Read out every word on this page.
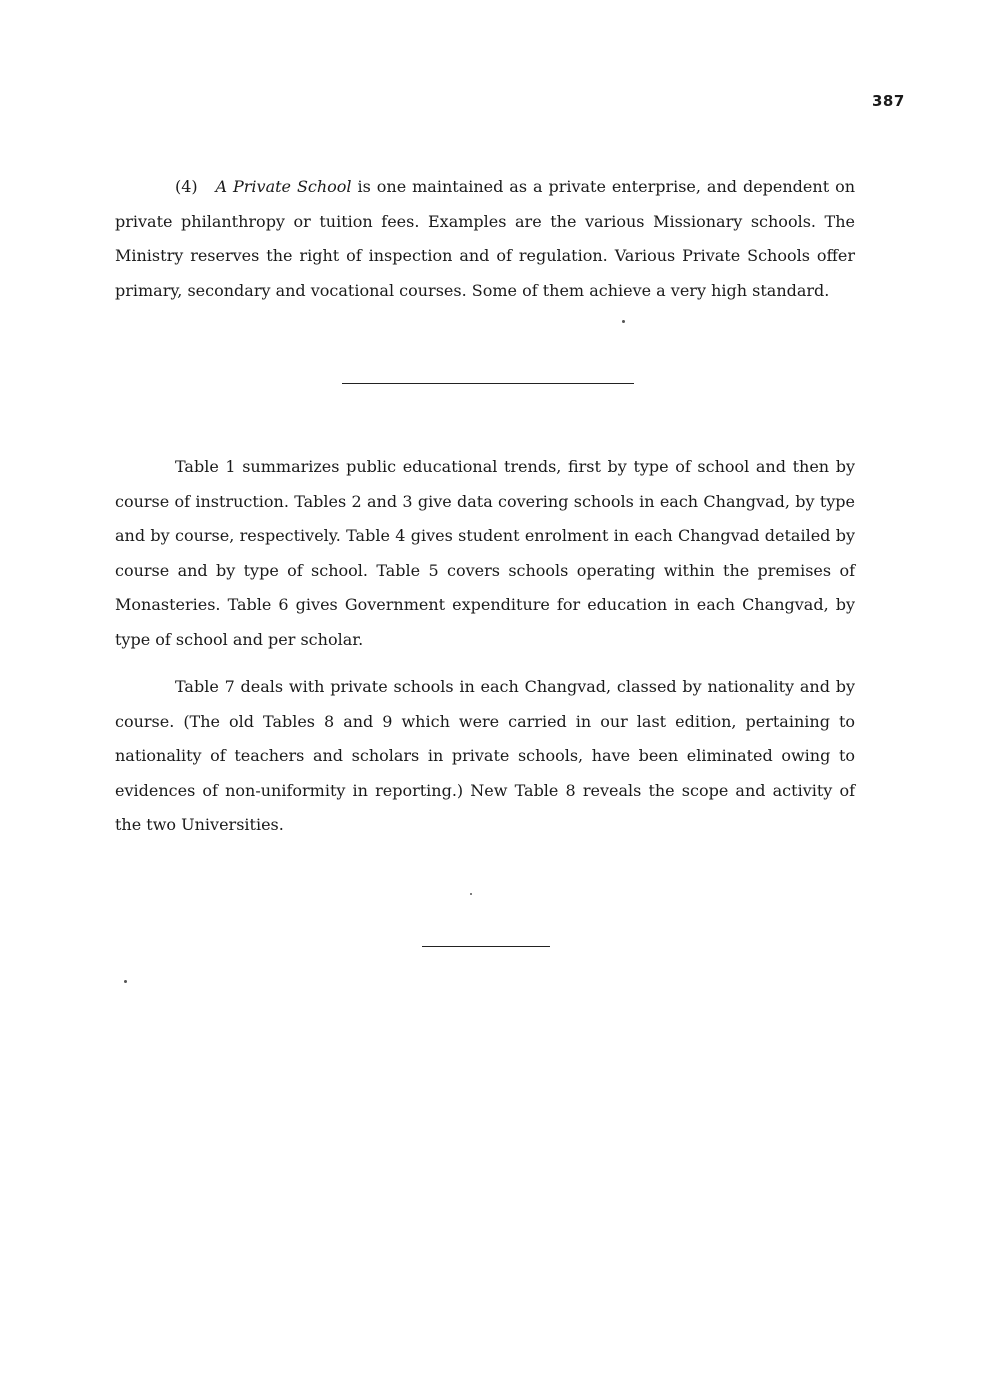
387

(4) A Private School is one maintained as a private enterprise, and dependent on private philanthropy or tuition fees. Examples are the various Missionary schools. The Ministry reserves the right of inspection and of regulation. Various Private Schools offer primary, secondary and vocational courses. Some of them achieve a very high standard.

Table 1 summarizes public educational trends, first by type of school and then by course of instruction. Tables 2 and 3 give data covering schools in each Changvad, by type and by course, respectively. Table 4 gives student enrolment in each Changvad detailed by course and by type of school. Table 5 covers schools operating within the premises of Monasteries. Table 6 gives Government expenditure for education in each Changvad, by type of school and per scholar.

Table 7 deals with private schools in each Changvad, classed by nationality and by course. (The old Tables 8 and 9 which were carried in our last edition, pertaining to nationality of teachers and scholars in private schools, have been eliminated owing to evidences of non-uniformity in reporting.) New Table 8 reveals the scope and activity of the two Universities.
